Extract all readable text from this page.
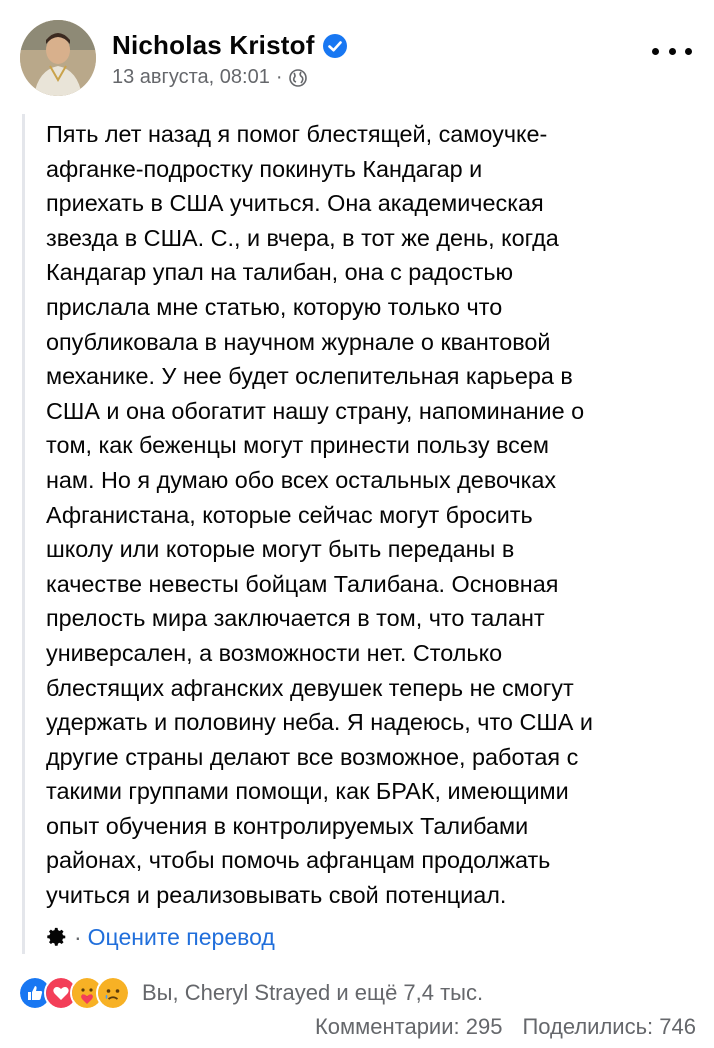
Nicholas Kristof
13 августа, 08:01 ·

Пять лет назад я помог блестящей, самоучке-

афганке-подростку покинуть Кандагар и

приехать в США учиться. Она академическая

звезда в США. С., и вчера, в тот же день, когда

Кандагар упал на талибан, она с радостью

прислала мне статью, которую только что

опубликовала в научном журнале о квантовой

механике. У нее будет ослепительная карьера в

США и она обогатит нашу страну, напоминание о

том, как беженцы могут принести пользу всем

нам. Но я думаю обо всех остальных девочках

Афганистана, которые сейчас могут бросить

школу или которые могут быть переданы в

качестве невесты бойцам Талибана. Основная

прелость мира заключается в том, что талант

универсален, а возможности нет. Столько

блестящих афганских девушек теперь не смогут

удержать и половину неба. Я надеюсь, что США и

другие страны делают все возможное, работая с

такими группами помощи, как БРАК, имеющими

опыт обучения в контролируемых Талибами

районах, чтобы помочь афганцам продолжать

учиться и реализовывать свой потенциал.

· Оцените перевод
Вы, Cheryl Strayed и ещё 7,4 тыс.
Комментарии: 295 Поделились: 746
